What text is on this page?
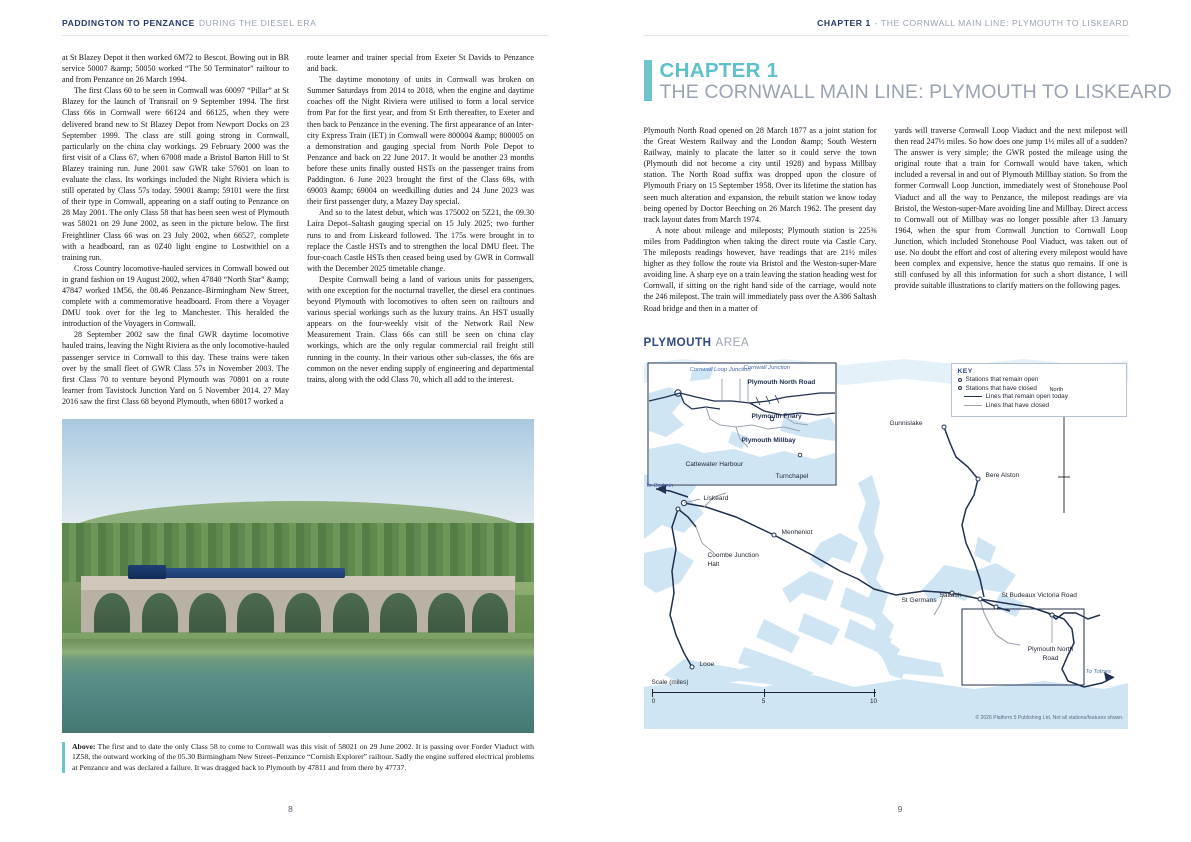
PADDINGTON TO PENZANCE DURING THE DIESEL ERA

at St Blazey Depot it then worked 6M72 to Bescot. Bowing out in BR service 50007 &amp; 50050 worked “The 50 Terminator” railtour to and from Penzance on 26 March 1994.

The first Class 60 to be seen in Cornwall was 60097 “Pillar” at St Blazey for the launch of Transrail on 9 September 1994. The first Class 66s in Cornwall were 66124 and 66125, when they were delivered brand new to St Blazey Depot from Newport Docks on 23 September 1999. The class are still going strong in Cornwall, particularly on the china clay workings. 29 February 2000 was the first visit of a Class 67, when 67008 made a Bristol Barton Hill to St Blazey training run. June 2001 saw GWR take 57601 on loan to evaluate the class. Its workings included the Night Riviera which is still operated by Class 57s today. 59001 &amp; 59101 were the first of their type in Cornwall, appearing on a staff outing to Penzance on 28 May 2001. The only Class 58 that has been seen west of Plymouth was 58021 on 29 June 2002, as seen in the picture below. The first Freightliner Class 66 was on 23 July 2002, when 66527, complete with a headboard, ran as 0Z40 light engine to Lostwithiel on a training run.

Cross Country locomotive-hauled services in Cornwall bowed out in grand fashion on 19 August 2002, when 47840 “North Star” &amp; 47847 worked 1M56, the 08.46 Penzance–Birmingham New Street, complete with a commemorative headboard. From there a Voyager DMU took over for the leg to Manchester. This heralded the introduction of the Voyagers in Cornwall.

28 September 2002 saw the final GWR daytime locomotive hauled trains, leaving the Night Riviera as the only locomotive-hauled passenger service in Cornwall to this day. These trains were taken over by the small fleet of GWR Class 57s in November 2003. The first Class 70 to venture beyond Plymouth was 70801 on a route learner from Tavistock Junction Yard on 5 November 2014. 27 May 2016 saw the first Class 68 beyond Plymouth, when 68017 worked a

route learner and trainer special from Exeter St Davids to Penzance and back.

The daytime monotony of units in Cornwall was broken on Summer Saturdays from 2014 to 2018, when the engine and daytime coaches off the Night Riviera were utilised to form a local service from Par for the first year, and from St Erth thereafter, to Exeter and then back to Penzance in the evening. The first appearance of an Inter-city Express Train (IET) in Cornwall were 800004 &amp; 800005 on a demonstration and gauging special from North Pole Depot to Penzance and back on 22 June 2017. It would be another 23 months before these units finally ousted HSTs on the passenger trains from Paddington. 6 June 2023 brought the first of the Class 69s, with 69003 &amp; 69004 on weedkilling duties and 24 June 2023 was their first passenger duty, a Mazey Day special.

And so to the latest debut, which was 175002 on 5Z21, the 09.30 Laira Depot–Saltash gauging special on 15 July 2025; two further runs to and from Liskeard followed. The 175s were brought in to replace the Castle HSTs and to strengthen the local DMU fleet. The four-coach Castle HSTs then ceased being used by GWR in Cornwall with the December 2025 timetable change.

Despite Cornwall being a land of various units for passengers, with one exception for the nocturnal traveller, the diesel era continues beyond Plymouth with locomotives to often seen on railtours and various special workings such as the luxury trains. An HST usually appears on the four-weekly visit of the Network Rail New Measurement Train. Class 66s can still be seen on china clay workings, which are the only regular commercial rail freight still running in the county. In their various other sub-classes, the 66s are common on the never ending supply of engineering and departmental trains, along with the odd Class 70, which all add to the interest.

Above: The first and to date the only Class 58 to come to Cornwall was this visit of 58021 on 29 June 2002. It is passing over Forder Viaduct with 1Z58, the outward working of the 05.30 Birmingham New Street–Penzance “Cornish Explorer” railtour. Sadly the engine suffered electrical problems at Penzance and was declared a failure. It was dragged back to Plymouth by 47811 and from there by 47737.
8
CHAPTER 1 - THE CORNWALL MAIN LINE: PLYMOUTH TO LISKEARD
CHAPTER 1
THE CORNWALL MAIN LINE: PLYMOUTH TO LISKEARD

Plymouth North Road opened on 28 March 1877 as a joint station for the Great Western Railway and the London &amp; South Western Railway, mainly to placate the latter so it could serve the town (Plymouth did not become a city until 1928) and bypass Millbay station. The North Road suffix was dropped upon the closure of Plymouth Friary on 15 September 1958. Over its lifetime the station has seen much alteration and expansion, the rebuilt station we know today being opened by Doctor Beeching on 26 March 1962. The present day track layout dates from March 1974.

A note about mileage and mileposts; Plymouth station is 225⅜ miles from Paddington when taking the direct route via Castle Cary. The mileposts readings however, have readings that are 21½ miles higher as they follow the route via Bristol and the Weston-super-Mare avoiding line. A sharp eye on a train leaving the station heading west for Cornwall, if sitting on the right hand side of the carriage, would note the 246 milepost. The train will immediately pass over the A386 Saltash Road bridge and then in a matter of

yards will traverse Cornwall Loop Viaduct and the next milepost will then read 247½ miles. So how does one jump 1½ miles all of a sudden? The answer is very simple; the GWR posted the mileage using the original route that a train for Cornwall would have taken, which included a reversal in and out of Plymouth Millbay station. So from the former Cornwall Loop Junction, immediately west of Stonehouse Pool Viaduct and all the way to Penzance, the milepost readings are via Bristol, the Weston-super-Mare avoiding line and Millbay. Direct access to Cornwall out of Millbay was no longer possible after 13 January 1964, when the spur from Cornwall Junction to Cornwall Loop Junction, which included Stonehouse Pool Viaduct, was taken out of use. No doubt the effort and cost of altering every milepost would have been complex and expensive, hence the status quo remains. If one is still confused by all this information for such a short distance, I will provide suitable illustrations to clarify matters on the following pages.

PLYMOUTH AREA
KEY
Stations that remain open
Stations that have closed
Lines that remain open today
Lines that have closed
Cornwall Loop Junction
Cornwall Junction
Plymouth North Road
Plymouth Friary
Plymouth Millbay
Cattewater Harbour
Turnchapel
To Bodmin
Liskeard
Menheniot
Coombe Junction Halt
St Germans
Looe
Gunnislake
Bere Alston
Saltash	St Budeaux Victoria Road
Plymouth North Road
To Totnes
North
Scale (miles)
0	5	10
© 2026 Platform 5 Publishing Ltd. Not all stations/features shown.
9
